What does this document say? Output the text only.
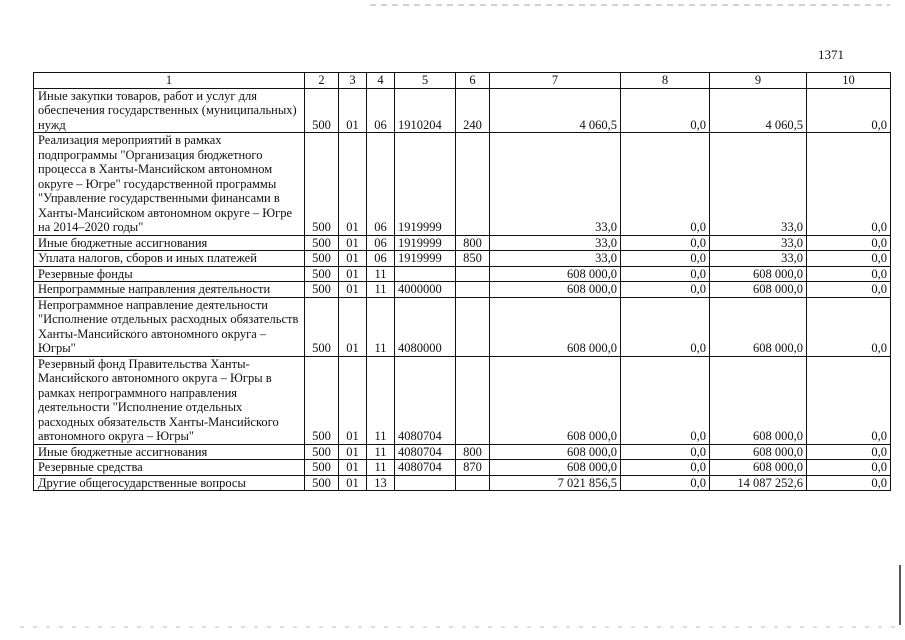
1371
1	2	3	4	5	6	7	8	9	10
Иные закупки товаров, работ и услуг для обеспечения государственных (муниципальных) нужд	500	01	06	1910204	240	4 060,5	0,0	4 060,5	0,0
Реализация мероприятий в рамках подпрограммы "Организация бюджетного процесса в Ханты-Мансийском автономном округе – Югре" государственной программы "Управление государственными финансами в Ханты-Мансийском автономном округе – Югре на 2014–2020 годы"	500	01	06	1919999		33,0	0,0	33,0	0,0
Иные бюджетные ассигнования	500	01	06	1919999	800	33,0	0,0	33,0	0,0
Уплата налогов, сборов и иных платежей	500	01	06	1919999	850	33,0	0,0	33,0	0,0
Резервные фонды	500	01	11			608 000,0	0,0	608 000,0	0,0
Непрограммные направления деятельности	500	01	11	4000000		608 000,0	0,0	608 000,0	0,0
Непрограммное направление деятельности "Исполнение отдельных расходных обязательств Ханты-Мансийского автономного округа – Югры"	500	01	11	4080000		608 000,0	0,0	608 000,0	0,0
Резервный фонд Правительства Ханты-Мансийского автономного округа – Югры в рамках непрограммного направления деятельности "Исполнение отдельных расходных обязательств Ханты-Мансийского автономного округа – Югры"	500	01	11	4080704		608 000,0	0,0	608 000,0	0,0
Иные бюджетные ассигнования	500	01	11	4080704	800	608 000,0	0,0	608 000,0	0,0
Резервные средства	500	01	11	4080704	870	608 000,0	0,0	608 000,0	0,0
Другие общегосударственные вопросы	500	01	13			7 021 856,5	0,0	14 087 252,6	0,0
